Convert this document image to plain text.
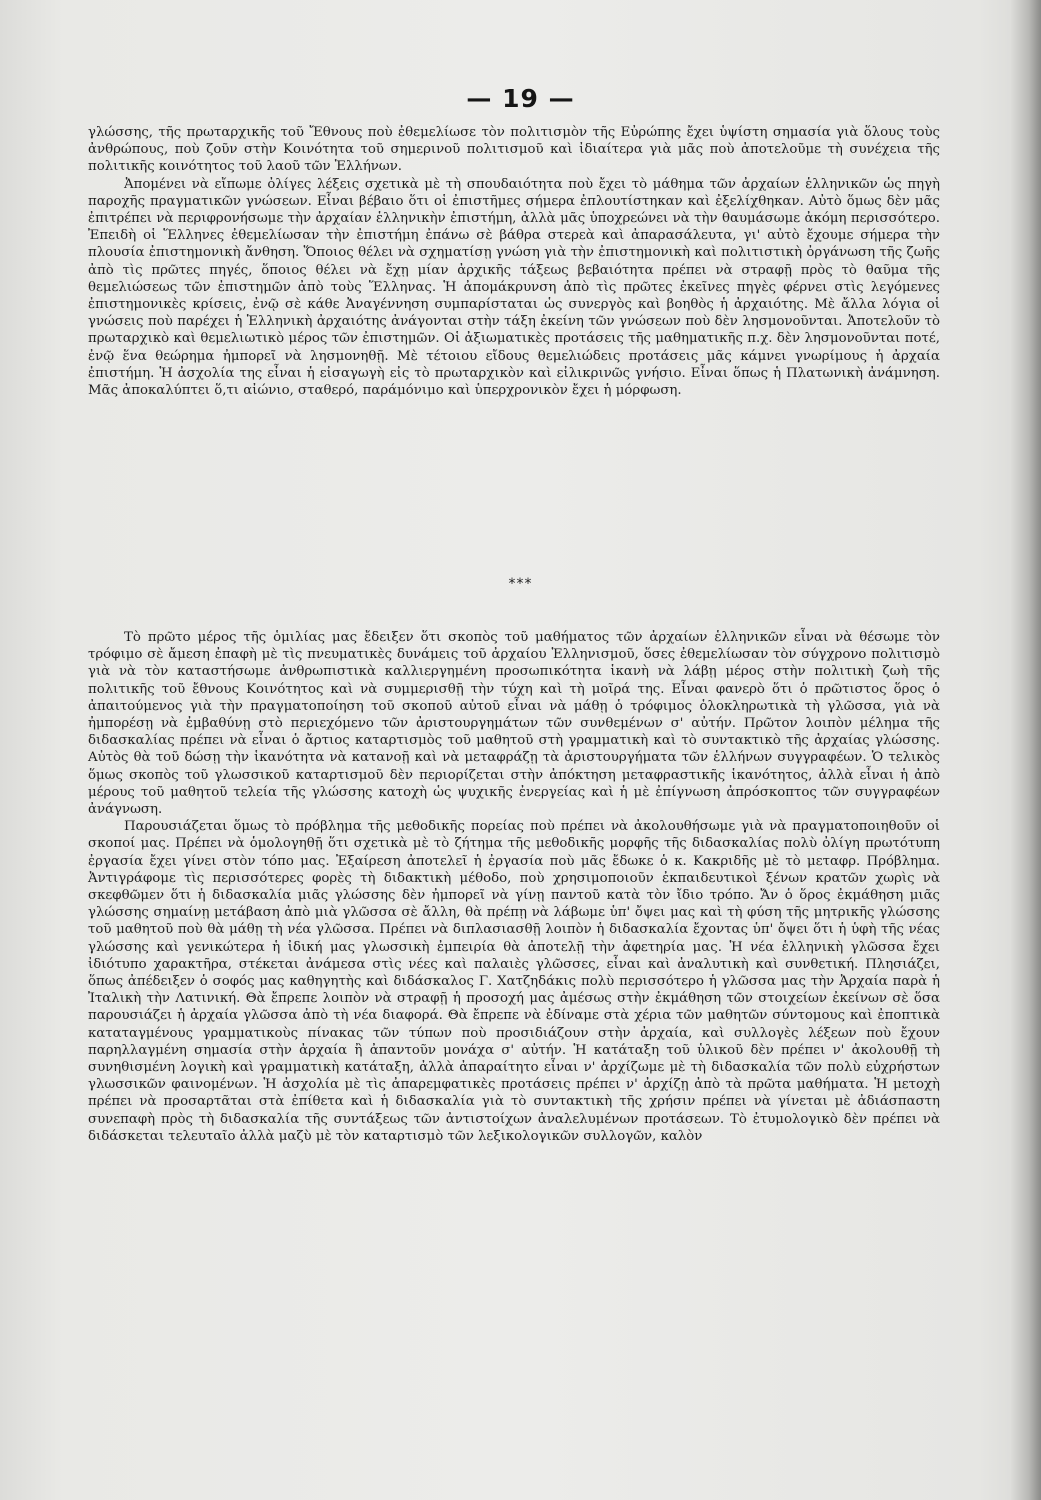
— 19 —

γλώσσης, τῆς πρωταρχικῆς τοῦ Ἔθνους ποὺ ἐθεμελίωσε τὸν πολιτισμὸν τῆς Εὐρώπης ἔχει ὑψίστη σημασία γιὰ ὅλους τοὺς ἀνθρώπους, ποὺ ζοῦν στὴν Κοινότητα τοῦ σημερινοῦ πολιτισμοῦ καὶ ἰδιαίτερα γιὰ μᾶς ποὺ ἀποτελοῦμε τὴ συνέχεια τῆς πολιτικῆς κοινότητος τοῦ λαοῦ τῶν Ἑλλήνων.

Ἀπομένει νὰ εἴπωμε ὀλίγες λέξεις σχετικὰ μὲ τὴ σπουδαιότητα ποὺ ἔχει τὸ μάθημα τῶν ἀρχαίων ἑλληνικῶν ὡς πηγὴ παροχῆς πραγματικῶν γνώσεων. Εἶναι βέβαιο ὅτι οἱ ἐπιστῆμες σήμερα ἐπλουτίστηκαν καὶ ἐξελίχθηκαν. Αὐτὸ ὅμως δὲν μᾶς ἐπιτρέπει νὰ περιφρονήσωμε τὴν ἀρχαίαν ἑλληνικὴν ἐπιστήμη, ἀλλὰ μᾶς ὑποχρεώνει νὰ τὴν θαυμάσωμε ἀκόμη περισσότερο. Ἐπειδὴ οἱ Ἕλληνες ἐθεμελίωσαν τὴν ἐπιστήμη ἐπάνω σὲ βάθρα στερεὰ καὶ ἀπαρασάλευτα, γι' αὐτὸ ἔχουμε σήμερα τὴν πλουσία ἐπιστημονικὴ ἄνθηση. Ὅποιος θέλει νὰ σχηματίσῃ γνώση γιὰ τὴν ἐπιστημονικὴ καὶ πολιτιστικὴ ὀργάνωση τῆς ζωῆς ἀπὸ τὶς πρῶτες πηγές, ὅποιος θέλει νὰ ἔχῃ μίαν ἀρχικῆς τάξεως βεβαιότητα πρέπει νὰ στραφῇ πρὸς τὸ θαῦμα τῆς θεμελιώσεως τῶν ἐπιστημῶν ἀπὸ τοὺς Ἕλληνας. Ἡ ἀπομάκρυνση ἀπὸ τὶς πρῶτες ἐκεῖνες πηγὲς φέρνει στὶς λεγόμενες ἐπιστημονικὲς κρίσεις, ἐνῷ σὲ κάθε Ἀναγέννηση συμπαρίσταται ὡς συνεργὸς καὶ βοηθὸς ἡ ἀρχαιότης. Μὲ ἄλλα λόγια οἱ γνώσεις ποὺ παρέχει ἡ Ἑλληνικὴ ἀρχαιότης ἀνάγονται στὴν τάξη ἐκείνη τῶν γνώσεων ποὺ δὲν λησμονοῦνται. Ἀποτελοῦν τὸ πρωταρχικὸ καὶ θεμελιωτικὸ μέρος τῶν ἐπιστημῶν. Οἱ ἀξιωματικὲς προτάσεις τῆς μαθηματικῆς π.χ. δὲν λησμονοῦνται ποτέ, ἐνῷ ἕνα θεώρημα ἠμπορεῖ νὰ λησμονηθῇ. Μὲ τέτοιου εἴδους θεμελιώδεις προτάσεις μᾶς κάμνει γνωρίμους ἡ ἀρχαία ἐπιστήμη. Ἡ ἀσχολία της εἶναι ἡ εἰσαγωγὴ εἰς τὸ πρωταρχικὸν καὶ εἰλικρινῶς γνήσιο. Εἶναι ὅπως ἡ Πλατωνικὴ ἀνάμνηση. Μᾶς ἀποκαλύπτει ὅ,τι αἰώνιο, σταθερό, παράμόνιμο καὶ ὑπερχρονικὸν ἔχει ἡ μόρφωση.

***

Τὸ πρῶτο μέρος τῆς ὁμιλίας μας ἔδειξεν ὅτι σκοπὸς τοῦ μαθήματος τῶν ἀρχαίων ἑλληνικῶν εἶναι νὰ θέσωμε τὸν τρόφιμο σὲ ἄμεση ἐπαφὴ μὲ τὶς πνευματικὲς δυνάμεις τοῦ ἀρχαίου Ἑλληνισμοῦ, ὅσες ἐθεμελίωσαν τὸν σύγχρονο πολιτισμὸ γιὰ νὰ τὸν καταστήσωμε ἀνθρωπιστικὰ καλλιεργημένη προσωπικότητα ἱκανὴ νὰ λάβῃ μέρος στὴν πολιτικὴ ζωὴ τῆς πολιτικῆς τοῦ ἔθνους Κοινότητος καὶ νὰ συμμερισθῇ τὴν τύχη καὶ τὴ μοῖρά της. Εἶναι φανερὸ ὅτι ὁ πρῶτιστος ὅρος ὁ ἀπαιτούμενος γιὰ τὴν πραγματοποίηση τοῦ σκοποῦ αὐτοῦ εἶναι νὰ μάθῃ ὁ τρόφιμος ὁλοκληρωτικὰ τὴ γλῶσσα, γιὰ νὰ ἠμπορέσῃ νὰ ἐμβαθύνῃ στὸ περιεχόμενο τῶν ἀριστουργημάτων τῶν συνθεμένων σ' αὐτήν. Πρῶτον λοιπὸν μέλημα τῆς διδασκαλίας πρέπει νὰ εἶναι ὁ ἄρτιος καταρτισμὸς τοῦ μαθητοῦ στὴ γραμματικὴ καὶ τὸ συντακτικὸ τῆς ἀρχαίας γλώσσης. Αὐτὸς θὰ τοῦ δώσῃ τὴν ἱκανότητα νὰ κατανοῇ καὶ νὰ μεταφράζῃ τὰ ἀριστουργήματα τῶν ἑλλήνων συγγραφέων. Ὁ τελικὸς ὅμως σκοπὸς τοῦ γλωσσικοῦ καταρτισμοῦ δὲν περιορίζεται στὴν ἀπόκτηση μεταφραστικῆς ἱκανότητος, ἀλλὰ εἶναι ἡ ἀπὸ μέρους τοῦ μαθητοῦ τελεία τῆς γλώσσης κατοχὴ ὡς ψυχικῆς ἐνεργείας καὶ ἡ μὲ ἐπίγνωση ἀπρόσκοπτος τῶν συγγραφέων ἀνάγνωση.

Παρουσιάζεται ὅμως τὸ πρόβλημα τῆς μεθοδικῆς πορείας ποὺ πρέπει νὰ ἀκολουθήσωμε γιὰ νὰ πραγματοποιηθοῦν οἱ σκοποί μας. Πρέπει νὰ ὁμολογηθῇ ὅτι σχετικὰ μὲ τὸ ζήτημα τῆς μεθοδικῆς μορφῆς τῆς διδασκαλίας πολὺ ὀλίγη πρωτότυπη ἐργασία ἔχει γίνει στὸν τόπο μας. Ἐξαίρεση ἀποτελεῖ ἡ ἐργασία ποὺ μᾶς ἔδωκε ὁ κ. Κακριδῆς μὲ τὸ μεταφρ. Πρόβλημα. Ἀντιγράφομε τὶς περισσότερες φορὲς τὴ διδακτικὴ μέθοδο, ποὺ χρησιμοποιοῦν ἐκπαιδευτικοὶ ξένων κρατῶν χωρὶς νὰ σκεφθῶμεν ὅτι ἡ διδασκαλία μιᾶς γλώσσης δὲν ἠμπορεῖ νὰ γίνῃ παντοῦ κατὰ τὸν ἴδιο τρόπο. Ἄν ὁ ὅρος ἐκμάθηση μιᾶς γλώσσης σημαίνῃ μετάβαση ἀπὸ μιὰ γλῶσσα σὲ ἄλλη, θὰ πρέπῃ νὰ λάβωμε ὑπ' ὄψει μας καὶ τὴ φύση τῆς μητρικῆς γλώσσης τοῦ μαθητοῦ ποὺ θὰ μάθῃ τὴ νέα γλῶσσα. Πρέπει νὰ διπλασιασθῇ λοιπὸν ἡ διδασκαλία ἔχοντας ὑπ' ὄψει ὅτι ἡ ὑφὴ τῆς νέας γλώσσης καὶ γενικώτερα ἡ ἰδική μας γλωσσικὴ ἐμπειρία θὰ ἀποτελῇ τὴν ἀφετηρία μας. Ἡ νέα ἑλληνικὴ γλῶσσα ἔχει ἰδιότυπο χαρακτῆρα, στέκεται ἀνάμεσα στὶς νέες καὶ παλαιὲς γλῶσσες, εἶναι καὶ ἀναλυτικὴ καὶ συνθετική. Πλησιάζει, ὅπως ἀπέδειξεν ὁ σοφός μας καθηγητὴς καὶ διδάσκαλος Γ. Χατζηδάκις πολὺ περισσότερο ἡ γλῶσσα μας τὴν Ἀρχαία παρὰ ἡ Ἰταλικὴ τὴν Λατινική. Θὰ ἔπρεπε λοιπὸν νὰ στραφῇ ἡ προσοχή μας ἀμέσως στὴν ἐκμάθηση τῶν στοιχείων ἐκείνων σὲ ὅσα παρουσιάζει ἡ ἀρχαία γλῶσσα ἀπὸ τὴ νέα διαφορά. Θὰ ἔπρεπε νὰ ἐδίναμε στὰ χέρια τῶν μαθητῶν σύντομους καὶ ἐποπτικὰ καταταγμένους γραμματικοὺς πίνακας τῶν τύπων ποὺ προσιδιάζουν στὴν ἀρχαία, καὶ συλλογὲς λέξεων ποὺ ἔχουν παρηλλαγμένη σημασία στὴν ἀρχαία ἢ ἀπαντοῦν μονάχα σ' αὐτήν. Ἡ κατάταξη τοῦ ὑλικοῦ δὲν πρέπει ν' ἀκολουθῇ τὴ συνηθισμένη λογικὴ καὶ γραμματικὴ κατάταξη, ἀλλὰ ἀπαραίτητο εἶναι ν' ἀρχίζωμε μὲ τὴ διδασκαλία τῶν πολὺ εὐχρήστων γλωσσικῶν φαινομένων. Ἡ ἀσχολία μὲ τὶς ἀπαρεμφατικὲς προτάσεις πρέπει ν' ἀρχίζῃ ἀπὸ τὰ πρῶτα μαθήματα. Ἡ μετοχὴ πρέπει νὰ προσαρτᾶται στὰ ἐπίθετα καὶ ἡ διδασκαλία γιὰ τὸ συντακτικὴ τῆς χρήσιν πρέπει νὰ γίνεται μὲ ἀδιάσπαστη συνεπαφὴ πρὸς τὴ διδασκαλία τῆς συντάξεως τῶν ἀντιστοίχων ἀναλελυμένων προτάσεων. Τὸ ἐτυμολογικὸ δὲν πρέπει νὰ διδάσκεται τελευταῖο ἀλλὰ μαζὺ μὲ τὸν καταρτισμὸ τῶν λεξικολογικῶν συλλογῶν, καλὸν
